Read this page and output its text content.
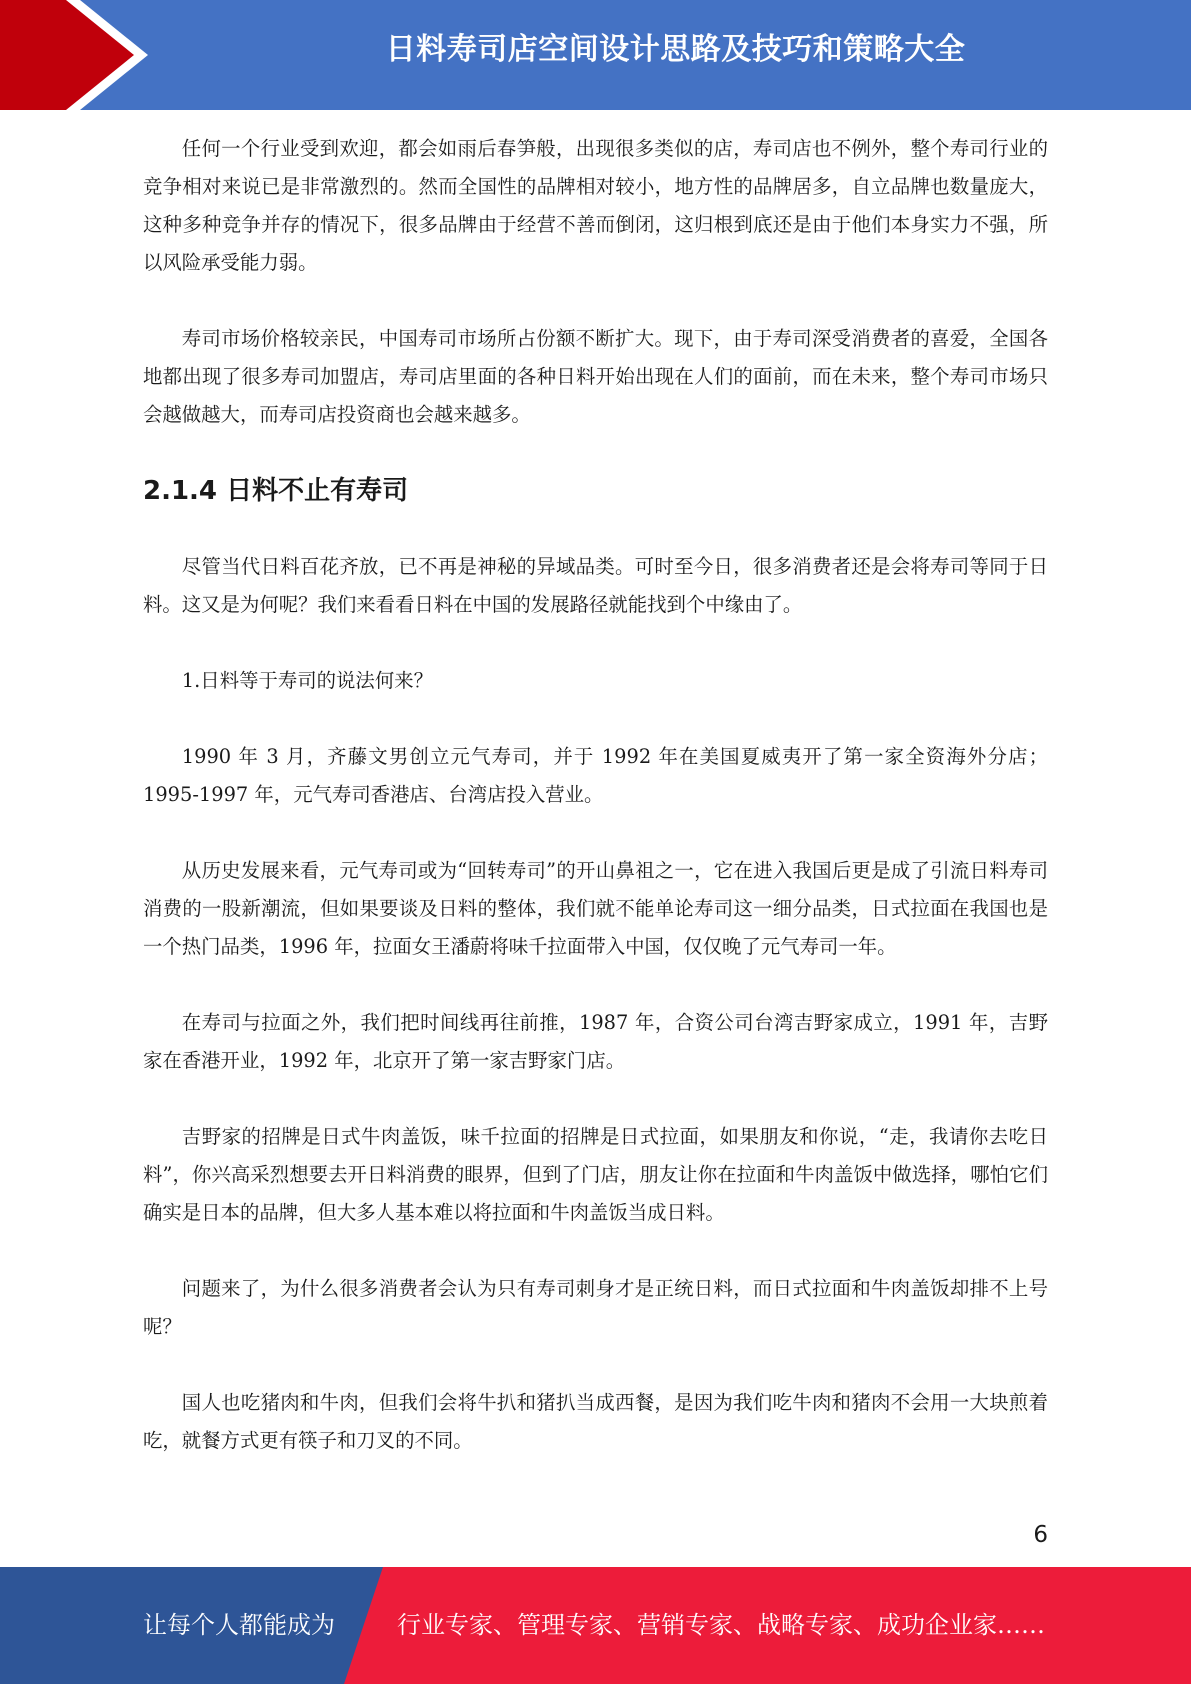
日料寿司店空间设计思路及技巧和策略大全

任何一个行业受到欢迎，都会如雨后春笋般，出现很多类似的店，寿司店也不例外，整个寿司行业的竞争相对来说已是非常激烈的。然而全国性的品牌相对较小，地方性的品牌居多，自立品牌也数量庞大，这种多种竞争并存的情况下，很多品牌由于经营不善而倒闭，这归根到底还是由于他们本身实力不强，所以风险承受能力弱。

寿司市场价格较亲民，中国寿司市场所占份额不断扩大。现下，由于寿司深受消费者的喜爱，全国各地都出现了很多寿司加盟店，寿司店里面的各种日料开始出现在人们的面前，而在未来，整个寿司市场只会越做越大，而寿司店投资商也会越来越多。

2.1.4 日料不止有寿司

尽管当代日料百花齐放，已不再是神秘的异域品类。可时至今日，很多消费者还是会将寿司等同于日料。这又是为何呢？我们来看看日料在中国的发展路径就能找到个中缘由了。

1.日料等于寿司的说法何来？

1990 年 3 月，齐藤文男创立元气寿司，并于 1992 年在美国夏威夷开了第一家全资海外分店；1995-1997 年，元气寿司香港店、台湾店投入营业。

从历史发展来看，元气寿司或为“回转寿司”的开山鼻祖之一，它在进入我国后更是成了引流日料寿司消费的一股新潮流，但如果要谈及日料的整体，我们就不能单论寿司这一细分品类，日式拉面在我国也是一个热门品类，1996 年，拉面女王潘蔚将味千拉面带入中国，仅仅晚了元气寿司一年。

在寿司与拉面之外，我们把时间线再往前推，1987 年，合资公司台湾吉野家成立，1991 年，吉野家在香港开业，1992 年，北京开了第一家吉野家门店。

吉野家的招牌是日式牛肉盖饭，味千拉面的招牌是日式拉面，如果朋友和你说，“走，我请你去吃日料”，你兴高采烈想要去开日料消费的眼界，但到了门店，朋友让你在拉面和牛肉盖饭中做选择，哪怕它们确实是日本的品牌，但大多人基本难以将拉面和牛肉盖饭当成日料。

问题来了，为什么很多消费者会认为只有寿司刺身才是正统日料，而日式拉面和牛肉盖饭却排不上号呢？

国人也吃猪肉和牛肉，但我们会将牛扒和猪扒当成西餐，是因为我们吃牛肉和猪肉不会用一大块煎着吃，就餐方式更有筷子和刀叉的不同。

6
让每个人都能成为	行业专家、管理专家、营销专家、战略专家、成功企业家……
